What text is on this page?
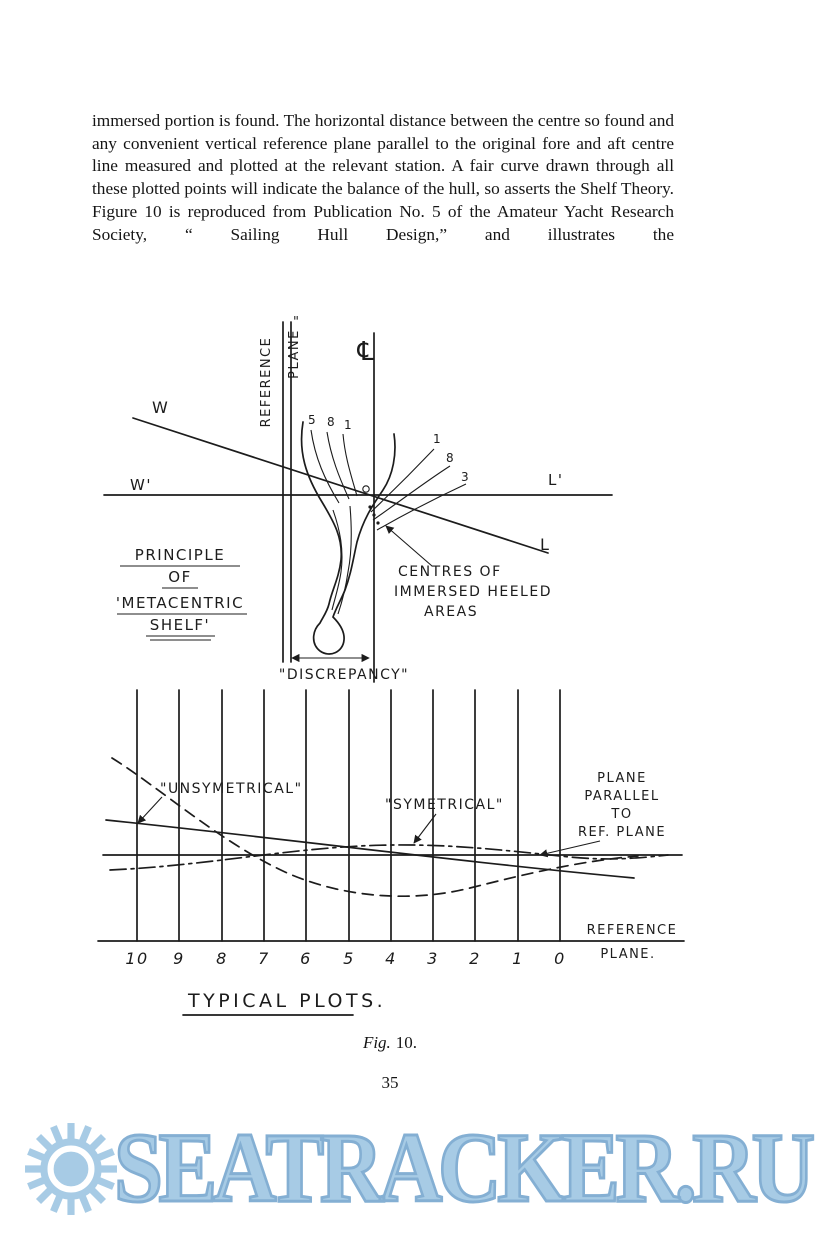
immersed portion is found. The horizontal distance between the centre so found and any convenient vertical reference plane parallel to the original fore and aft centre line measured and plotted at the relevant station. A fair curve drawn through all these plotted points will indicate the balance of the hull, so asserts the Shelf Theory. Figure 10 is reproduced from Publication No. 5 of the Amateur Yacht Research Society, “ Sailing Hull Design,” and illustrates the
REFERENCE PLANE
"
℄
W
W'	L'
L
5 8 1
1
8
3
PRINCIPLE
OF
'METACENTRIC
SHELF'
CENTRES OF
IMMERSED HEELED
AREAS
"DISCREPANCY"
"UNSYMETRICAL"
"SYMETRICAL"
PLANE
PARALLEL
TO
REF. PLANE
REFERENCE
PLANE.
10 9 8 7 6 5 4 3 2 1 0
TYPICAL PLOTS.
Fig. 10.
35
SEATRACKER.RU
